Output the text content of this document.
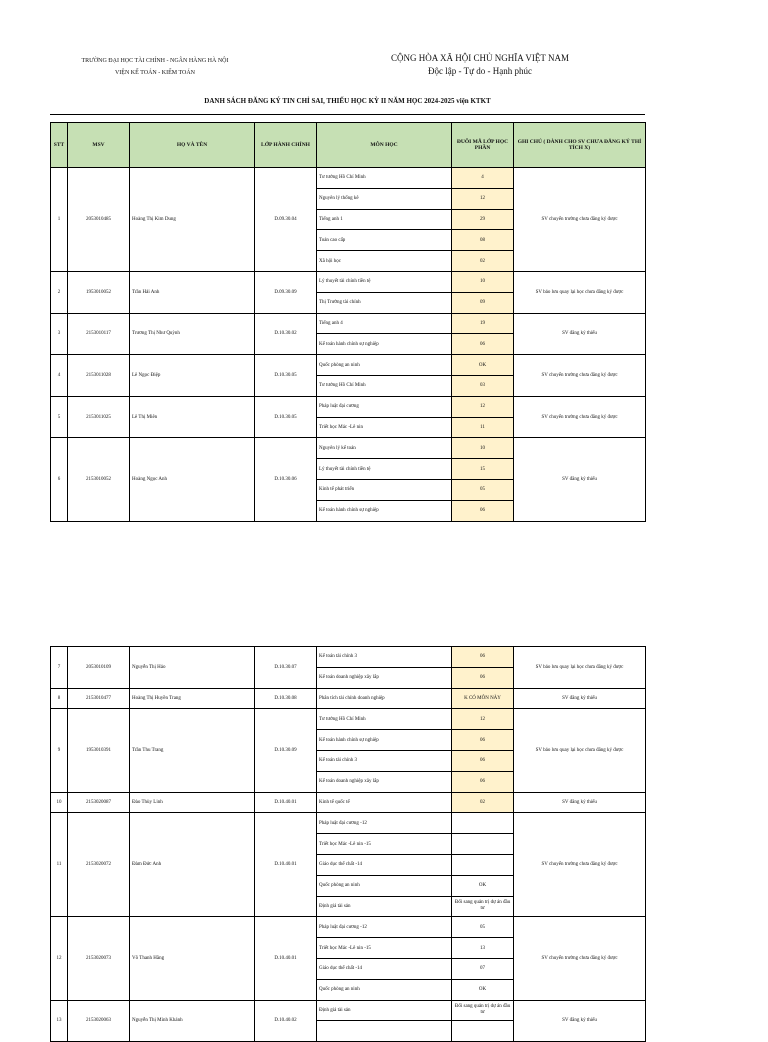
TRƯỜNG ĐẠI HỌC TÀI CHÍNH - NGÂN HÀNG HÀ NỘI
VIỆN KẾ TOÁN - KIỂM TOÁN
CỘNG HÒA XÃ HỘI CHỦ NGHĨA VIỆT NAM
Độc lập - Tự do - Hạnh phúc
DANH SÁCH ĐĂNG KÝ TIN CHỈ SAI, THIẾU HỌC KỲ II NĂM HỌC 2024-2025 viện KTKT
STT	MSV	HỌ VÀ TÊN	LỚP HÀNH CHÍNH	MÔN HỌC	ĐUÔI MÃ LỚP HỌC PHẦN	GHI CHÚ ( DÀNH CHO SV CHƯA ĐĂNG KÝ THỈ TÍCH X)
1	2053010485	Hoàng Thị Kim Dung	D.09.30.04	Tư tưởng Hồ Chí Minh	4	SV chuyển trường chưa đăng ký được
				Nguyên lý thống kê	12	
				Tiếng anh 1	29	
				Toán cao cấp	08	
				Xã hội học	02	
2	1953010052	Trần Hải Anh	D.09.30.09	Lý thuyết tài chính tiền tệ	10	SV bảo lưu quay lại học chưa đăng ký được
				Thị Trường tài chính	09	
3	2153010117	Trương Thị Như Quỳnh	D.10.30.02	Tiếng anh 4	19	SV đăng ký thiếu
				Kế toán hành chính sự nghiệp	06	
4	2153011028	Lê Ngọc Điệp	D.10.30.05	Quốc phòng an ninh	OK	SV chuyển trường chưa đăng ký được
				Tư tưởng Hồ Chí Minh	03	
5	2153011025	Lê Thị Miên	D.10.30.05	Pháp luật đại cương	12	SV chuyển trường chưa đăng ký được
				Triết học Mác -Lê nin	11	
6	2153010052	Hoàng Ngọc Anh	D.10.30.06	Nguyên lý kế toán	10	SV đăng ký thiếu
				Lý thuyết tài chính tiền tệ	15	
				Kinh tế phát triển	05	
				Kế toán hành chính sự nghiệp	06	
7	2053010109	Nguyễn Thị Hảo	D.10.30.07	Kế toán tài chính 3	06	SV bảo lưu quay lại học chưa đăng ký được
				Kế toán doanh nghiệp xây lắp	06	
8	2153010477	Hoàng Thị Huyền Trang	D.10.30.08	Phân tích tài chính doanh nghiệp	K CÓ MÔN NÀY	SV đăng ký thiếu
9	1953010391	Trần Thu Trang	D.10.30.09	Tư tưởng Hồ Chí Minh	12	SV bảo lưu quay lại học chưa đăng ký được
				Kế toán hành chính sự nghiệp	06	
				Kế toán tài chính 3	06	
				Kế toán doanh nghiệp xây lắp	06	
10	2153020087	Đào Thùy Linh	D.10.40.01	Kinh tế quốc tế	02	SV đăng ký thiếu
11	2153020072	Đàm Đức Anh	D.10.40.01	Pháp luật đại cương -12		SV chuyển trường chưa đăng ký được
				Triết học Mác -Lê nin -15		
				Giáo dục thể chất -14		
				Quốc phòng an ninh	OK	
				Định giá tài sản	Đổi sang quản trị dự án đầu tư	
12	2153020073	Võ Thanh Hằng	D.10.40.01	Pháp luật đại cương -12	05	SV chuyển trường chưa đăng ký được
				Triết học Mác -Lê nin -15	13	
				Giáo dục thể chất -14	07	
				Quốc phòng an ninh	OK	
13	2153020063	Nguyễn Thị Minh Khánh	D.10.40.02	Định giá tài sản	Đổi sang quản trị dự án đầu tư	SV đăng ký thiếu
